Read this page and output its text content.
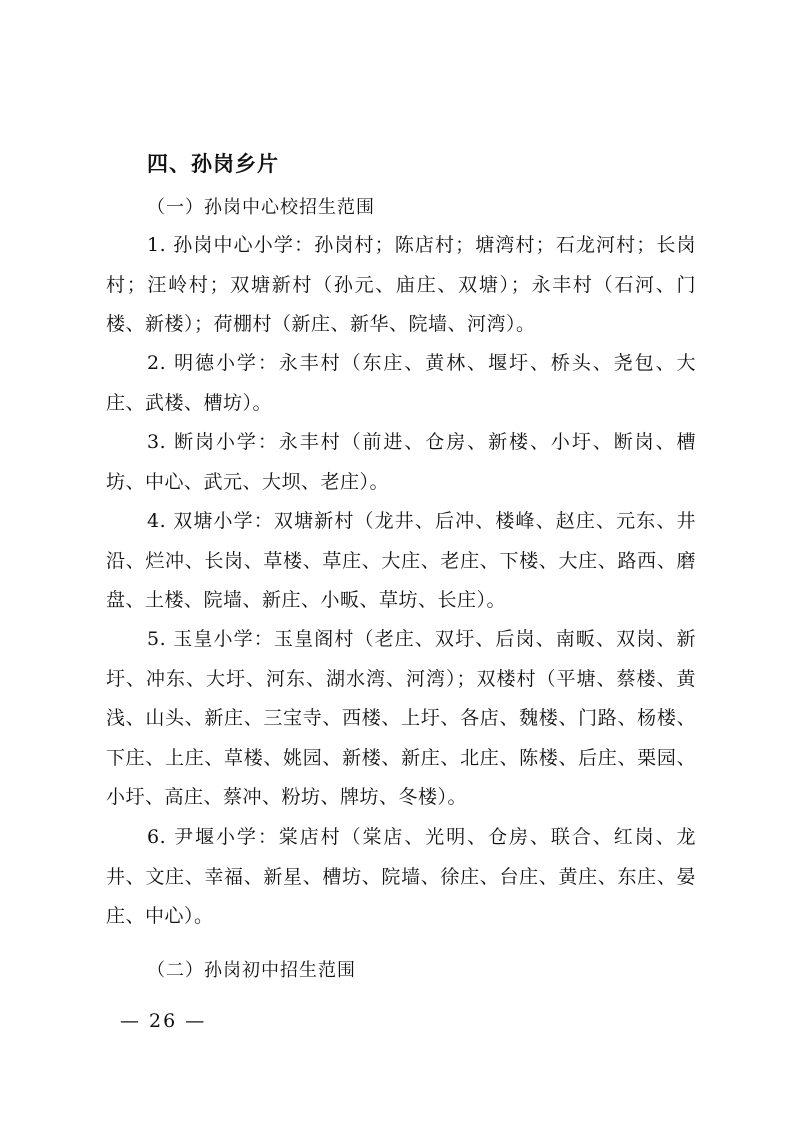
四、孙岗乡片
（一）孙岗中心校招生范围

1. 孙岗中心小学：孙岗村；陈店村；塘湾村；石龙河村；长岗村；汪岭村；双塘新村（孙元、庙庄、双塘）；永丰村（石河、门楼、新楼）；荷棚村（新庄、新华、院墙、河湾）。

2. 明德小学：永丰村（东庄、黄林、堰圩、桥头、尧包、大庄、武楼、槽坊）。

3. 断岗小学：永丰村（前进、仓房、新楼、小圩、断岗、槽坊、中心、武元、大坝、老庄）。

4. 双塘小学：双塘新村（龙井、后冲、楼峰、赵庄、元东、井沿、烂冲、长岗、草楼、草庄、大庄、老庄、下楼、大庄、路西、磨盘、土楼、院墙、新庄、小畈、草坊、长庄）。

5. 玉皇小学：玉皇阁村（老庄、双圩、后岗、南畈、双岗、新圩、冲东、大圩、河东、湖水湾、河湾）；双楼村（平塘、蔡楼、黄浅、山头、新庄、三宝寺、西楼、上圩、各店、魏楼、门路、杨楼、下庄、上庄、草楼、姚园、新楼、新庄、北庄、陈楼、后庄、栗园、小圩、高庄、蔡冲、粉坊、牌坊、冬楼）。

6. 尹堰小学：棠店村（棠店、光明、仓房、联合、红岗、龙井、文庄、幸福、新星、槽坊、院墙、徐庄、台庄、黄庄、东庄、晏庄、中心）。

（二）孙岗初中招生范围
— 26 —
